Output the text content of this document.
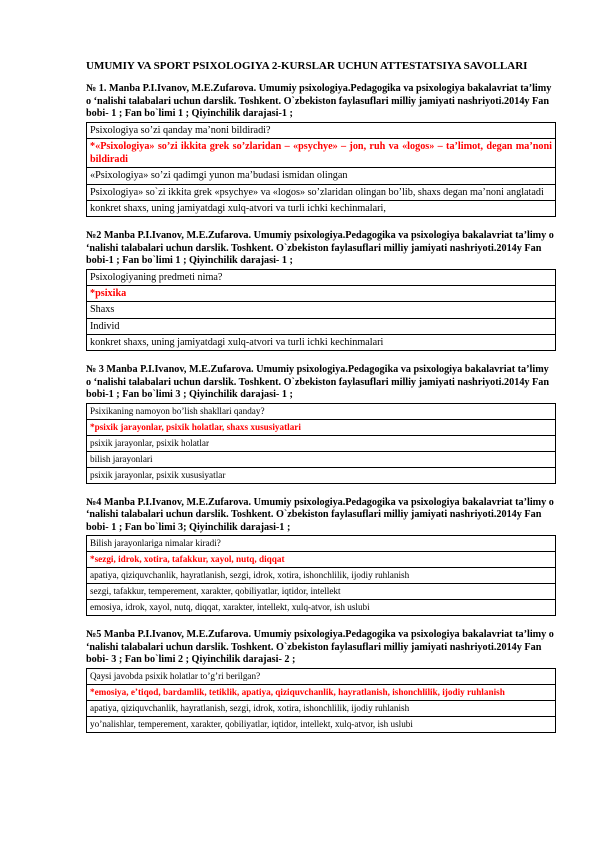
UMUMIY VA SPORT PSIXOLOGIYA 2-KURSLAR UCHUN ATTESTATSIYA SAVOLLARI
№ 1. Manba P.I.Ivanov, M.E.Zufarova. Umumiy psixologiya.Pedagogika va psixologiya bakalavriat ta’limy o ‘nalishi talabalari uchun darslik. Toshkent. O`zbekiston faylasuflari milliy jamiyati nashriyoti.2014y Fan bobi- 1 ; Fan bo`limi 1 ; Qiyinchilik darajasi-1 ;
Psixologiya so’zi qanday ma’noni bildiradi?
*«Psixologiya» so’zi ikkita grek so’zlaridan – «psychye» – jon, ruh va «logos» – ta’limot, degan ma’noni bildiradi
«Psixologiya» so’zi qadimgi yunon ma’budasi ismidan olingan
Psixologiya» so`zi ikkita grek «psychye» va «logos» so’zlaridan olingan bo’lib, shaxs degan ma’noni anglatadi
konkret shaxs, uning jamiyatdagi xulq-atvori va turli ichki kechinmalari,
№2 Manba P.I.Ivanov, M.E.Zufarova. Umumiy psixologiya.Pedagogika va psixologiya bakalavriat ta’limy o ‘nalishi talabalari uchun darslik. Toshkent. O`zbekiston faylasuflari milliy jamiyati nashriyoti.2014y Fan bobi-1 ; Fan bo`limi 1 ; Qiyinchilik darajasi- 1 ;
Psixologiyaning predmeti nima?
*psixika
Shaxs
Individ
konkret shaxs, uning jamiyatdagi xulq-atvori va turli ichki kechinmalari
№ 3 Manba P.I.Ivanov, M.E.Zufarova. Umumiy psixologiya.Pedagogika va psixologiya bakalavriat ta’limy o ‘nalishi talabalari uchun darslik. Toshkent. O`zbekiston faylasuflari milliy jamiyati nashriyoti.2014y Fan bobi-1 ; Fan bo`limi 3 ; Qiyinchilik darajasi- 1 ;
Psixikaning namoyon bo’lish shakllari qanday?
*psixik jarayonlar, psixik holatlar, shaxs xususiyatlari
psixik jarayonlar, psixik holatlar
bilish jarayonlari
psixik jarayonlar, psixik xususiyatlar
№4 Manba P.I.Ivanov, M.E.Zufarova. Umumiy psixologiya.Pedagogika va psixologiya bakalavriat ta’limy o ‘nalishi talabalari uchun darslik. Toshkent. O`zbekiston faylasuflari milliy jamiyati nashriyoti.2014y Fan bobi- 1 ; Fan bo`limi 3; Qiyinchilik darajasi-1 ;
Bilish jarayonlariga nimalar kiradi?
*sezgi, idrok, xotira, tafakkur, xayol, nutq, diqqat
apatiya, qiziquvchanlik, hayratlanish, sezgi, idrok, xotira, ishonchlilik, ijodiy ruhlanish
sezgi, tafakkur, temperement, xarakter, qobiliyatlar, iqtidor, intellekt
emosiya, idrok, xayol, nutq, diqqat, xarakter, intellekt, xulq-atvor, ish uslubi
№5 Manba P.I.Ivanov, M.E.Zufarova. Umumiy psixologiya.Pedagogika va psixologiya bakalavriat ta’limy o ‘nalishi talabalari uchun darslik. Toshkent. O`zbekiston faylasuflari milliy jamiyati nashriyoti.2014y Fan bobi- 3 ; Fan bo`limi 2 ; Qiyinchilik darajasi- 2 ;
Qaysi javobda psixik holatlar to’g’ri berilgan?
*emosiya, e’tiqod, bardamlik, tetiklik, apatiya, qiziquvchanlik, hayratlanish, ishonchlilik, ijodiy ruhlanish
apatiya, qiziquvchanlik, hayratlanish, sezgi, idrok, xotira, ishonchlilik, ijodiy ruhlanish
yo’nalishlar, temperement, xarakter, qobiliyatlar, iqtidor, intellekt, xulq-atvor, ish uslubi
